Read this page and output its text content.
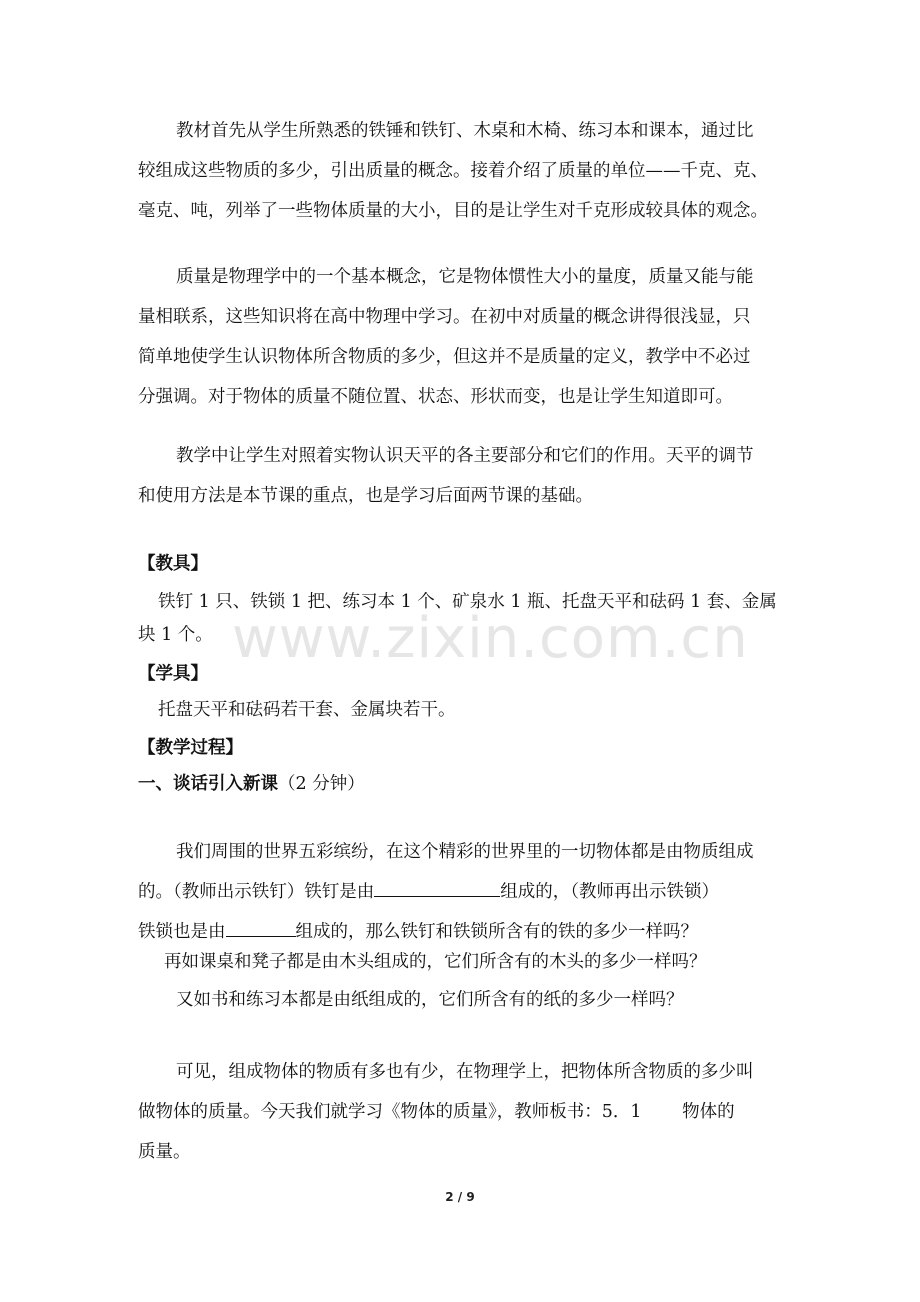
教材首先从学生所熟悉的铁锤和铁钉、木桌和木椅、练习本和课本，通过比
较组成这些物质的多少，引出质量的概念。接着介绍了质量的单位——千克、克、
毫克、吨，列举了一些物体质量的大小，目的是让学生对千克形成较具体的观念。
质量是物理学中的一个基本概念，它是物体惯性大小的量度，质量又能与能
量相联系，这些知识将在高中物理中学习。在初中对质量的概念讲得很浅显，只
简单地使学生认识物体所含物质的多少，但这并不是质量的定义，教学中不必过
分强调。对于物体的质量不随位置、状态、形状而变，也是让学生知道即可。
教学中让学生对照着实物认识天平的各主要部分和它们的作用。天平的调节
和使用方法是本节课的重点，也是学习后面两节课的基础。
【教具】
铁钉 1 只、铁锁 1 把、练习本 1 个、矿泉水 1 瓶、托盘天平和砝码 1 套、金属
块 1 个。
【学具】
托盘天平和砝码若干套、金属块若干。
【教学过程】
一、谈话引入新课（2 分钟）
我们周围的世界五彩缤纷，在这个精彩的世界里的一切物体都是由物质组成
的。（教师出示铁钉）铁钉是由	组成的，（教师再出示铁锁）
铁锁也是由	组成的，那么铁钉和铁锁所含有的铁的多少一样吗？
再如课桌和凳子都是由木头组成的，它们所含有的木头的多少一样吗？
又如书和练习本都是由纸组成的，它们所含有的纸的多少一样吗？
可见，组成物体的物质有多也有少，在物理学上，把物体所含物质的多少叫
做物体的质量。今天我们就学习《物体的质量》，教师板书：5．1　　 物体的
质量。
www.zixin.com.cn
2 / 9
